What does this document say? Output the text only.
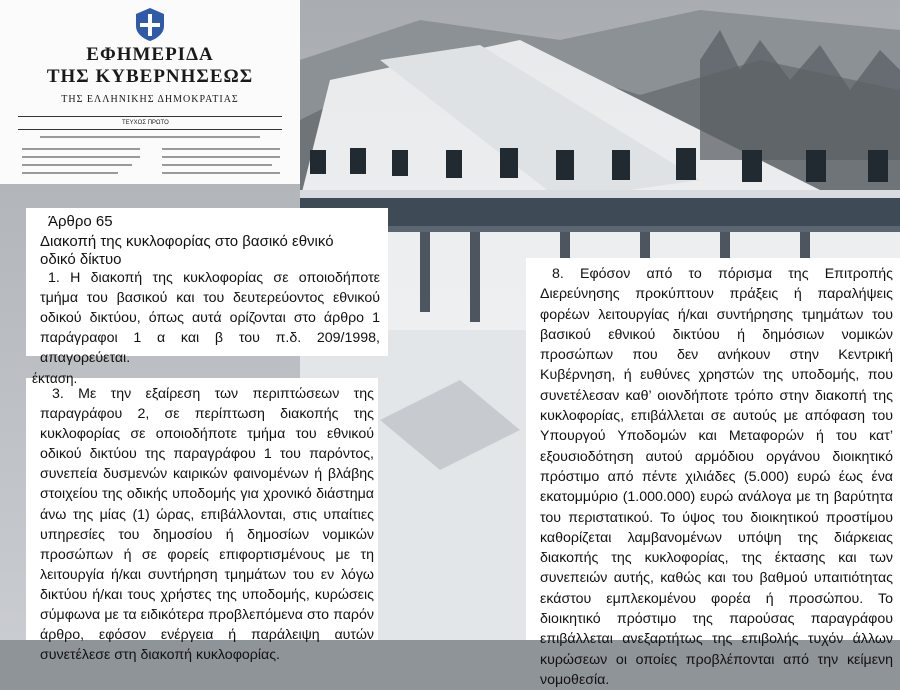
ΕΦΗΜΕΡΙΔΑ
ΤΗΣ ΚΥΒΕΡΝΗΣΕΩΣ
ΤΗΣ ΕΛΛΗΝΙΚΗΣ ΔΗΜΟΚΡΑΤΙΑΣ
ΤΕΥΧΟΣ ΠΡΩΤΟ
Άρθρο 65
Διακοπή της κυκλοφορίας στο βασικό εθνικό
οδικό δίκτυο
1. Η διακοπή της κυκλοφορίας σε οποιοδήποτε τμήμα του βασικού και του δευτερεύοντος εθνικού οδικού δικτύου, όπως αυτά ορίζονται στο άρθρο 1 παράγραφοι 1 α και β του π.δ. 209/1998, απαγορεύεται.
έκταση.
3. Με την εξαίρεση των περιπτώσεων της παραγράφου 2, σε περίπτωση διακοπής της κυκλοφορίας σε οποιοδήποτε τμήμα του εθνικού οδικού δικτύου της παραγράφου 1 του παρόντος, συνεπεία δυσμενών καιρικών φαινομένων ή βλάβης στοιχείου της οδικής υποδομής για χρονικό διάστημα άνω της μίας (1) ώρας, επιβάλλονται, στις υπαίτιες υπηρεσίες του δημοσίου ή δημοσίων νομικών προσώπων ή σε φορείς επιφορτισμένους με τη λειτουργία ή/και συντήρηση τμημάτων του εν λόγω δικτύου ή/και τους χρήστες της υποδομής, κυρώσεις σύμφωνα με τα ειδικότερα προβλεπόμενα στο παρόν άρθρο, εφόσον ενέργεια ή παράλειψη αυτών συνετέλεσε στη διακοπή κυκλοφορίας.
8. Εφόσον από το πόρισμα της Επιτροπής Διερεύνησης προκύπτουν πράξεις ή παραλήψεις φορέων λειτουργίας ή/και συντήρησης τμημάτων του βασικού εθνικού δικτύου ή δημόσιων νομικών προσώπων που δεν ανήκουν στην Κεντρική Κυβέρνηση, ή ευθύνες χρηστών της υποδομής, που συνετέλεσαν καθ’ οιονδήποτε τρόπο στην διακοπή της κυκλοφορίας, επιβάλλεται σε αυτούς με απόφαση του Υπουργού Υποδομών και Μεταφορών ή του κατ’ εξουσιοδότηση αυτού αρμόδιου οργάνου διοικητικό πρόστιμο από πέντε χιλιάδες (5.000) ευρώ έως ένα εκατομμύριο (1.000.000) ευρώ ανάλογα με τη βαρύτητα του περιστατικού. Το ύψος του διοικητικού προστίμου καθορίζεται λαμβανομένων υπόψη της διάρκειας διακοπής της κυκλοφορίας, της έκτασης και των συνεπειών αυτής, καθώς και του βαθμού υπαιτιότητας εκάστου εμπλεκομένου φορέα ή προσώπου. Το διοικητικό πρόστιμο της παρούσας παραγράφου επιβάλλεται ανεξαρτήτως της επιβολής τυχόν άλλων κυρώσεων οι οποίες προβλέπονται από την κείμενη νομοθεσία.
